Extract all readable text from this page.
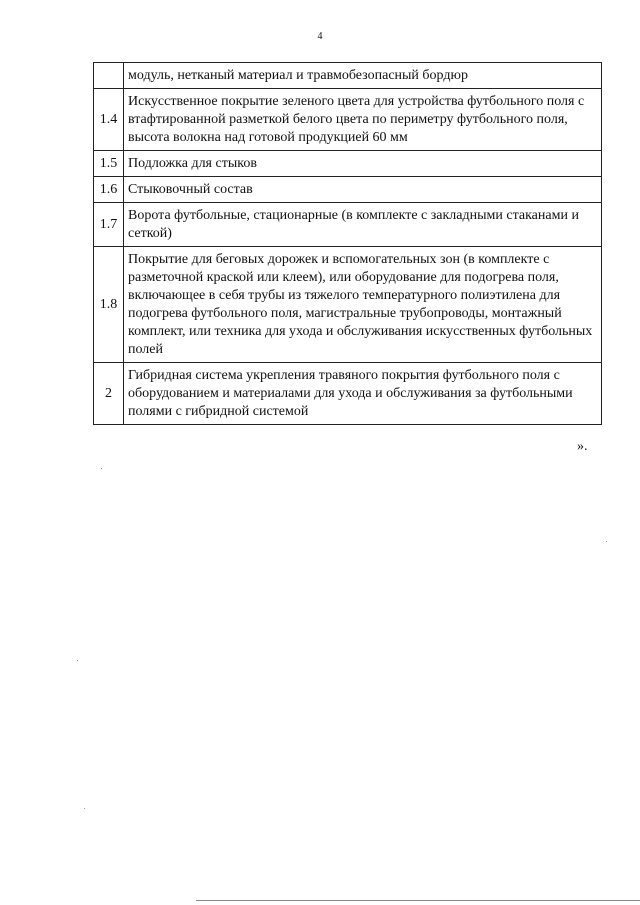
4
	модуль, нетканый материал и травмобезопасный бордюр
1.4	Искусственное покрытие зеленого цвета для устройства футбольного поля с втафтированной разметкой белого цвета по периметру футбольного поля, высота волокна над готовой продукцией 60 мм
1.5	Подложка для стыков
1.6	Стыковочный состав
1.7	Ворота футбольные, стационарные (в комплекте с закладными стаканами и сеткой)
1.8	Покрытие для беговых дорожек и вспомогательных зон (в комплекте с разметочной краской или клеем), или оборудование для подогрева поля, включающее в себя трубы из тяжелого температурного полиэтилена для подогрева футбольного поля, магистральные трубопроводы, монтажный комплект, или техника для ухода и обслуживания искусственных футбольных полей
2	Гибридная система укрепления травяного покрытия футбольного поля с оборудованием и материалами для ухода и обслуживания за футбольными полями с гибридной системой
».
